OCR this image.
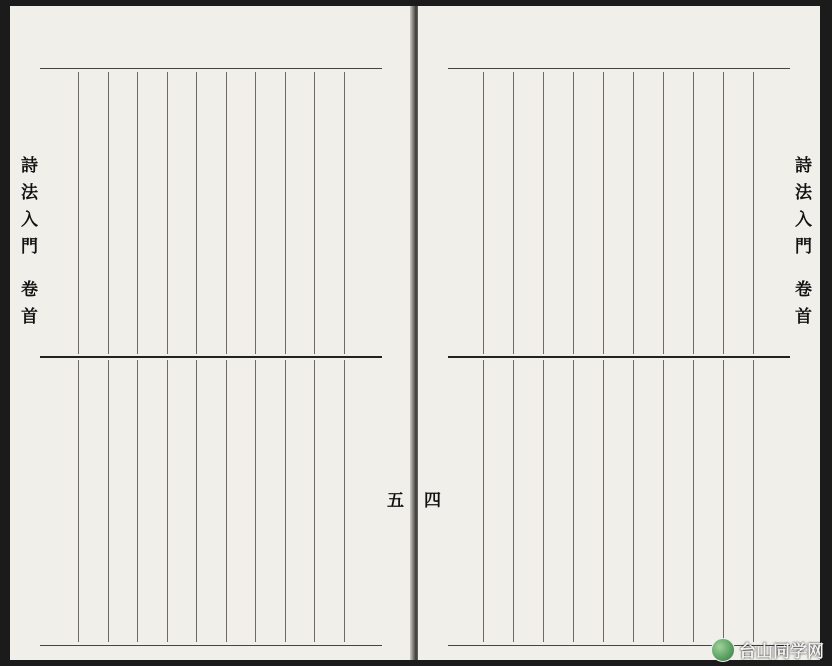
詩法入門 卷首
五
詩法入門 卷首
四
台山同学网
